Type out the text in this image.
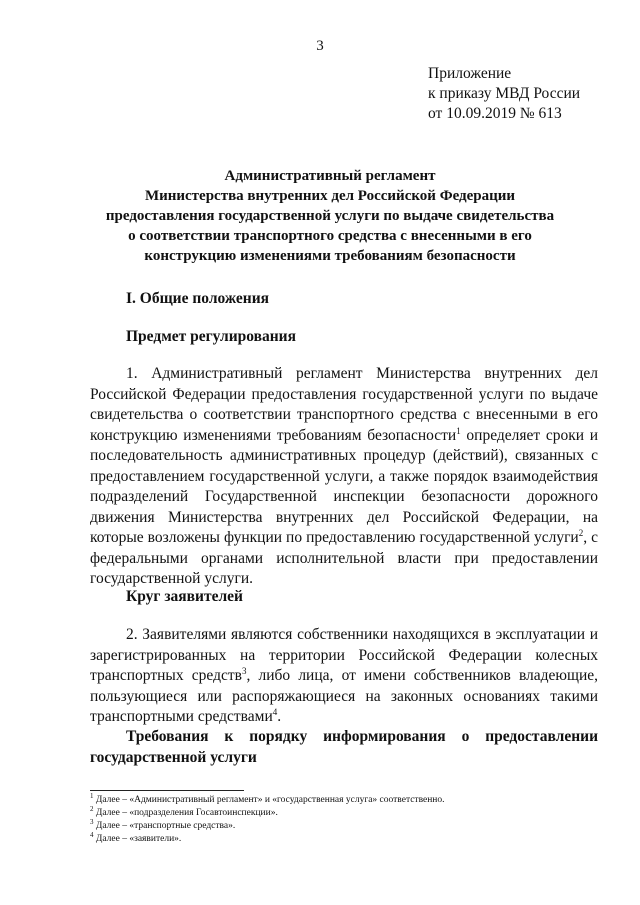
3
Приложение
к приказу МВД России
от 10.09.2019 № 613
Административный регламент
Министерства внутренних дел Российской Федерации
предоставления государственной услуги по выдаче свидетельства
о соответствии транспортного средства с внесенными в его
конструкцию изменениями требованиям безопасности
I. Общие положения
Предмет регулирования

1. Административный регламент Министерства внутренних дел Российской Федерации предоставления государственной услуги по выдаче свидетельства о соответствии транспортного средства с внесенными в его конструкцию изменениями требованиям безопасности$^1$ определяет сроки и последовательность административных процедур (действий), связанных с предоставлением государственной услуги, а также порядок взаимодействия подразделений Государственной инспекции безопасности дорожного движения Министерства внутренних дел Российской Федерации, на которые возложены функции по предоставлению государственной услуги$^2$, с федеральными органами исполнительной власти при предоставлении государственной услуги.

Круг заявителей

2. Заявителями являются собственники находящихся в эксплуатации и зарегистрированных на территории Российской Федерации колесных транспортных средств$^3$, либо лица, от имени собственников владеющие, пользующиеся или распоряжающиеся на законных основаниях такими транспортными средствами$^4$.

Требования к порядку информирования о предоставлении государственной услуги
$^1$ Далее – «Административный регламент» и «государственная услуга» соответственно.
$^2$ Далее – «подразделения Госавтоинспекции».
$^3$ Далее – «транспортные средства».
$^4$ Далее – «заявители».
